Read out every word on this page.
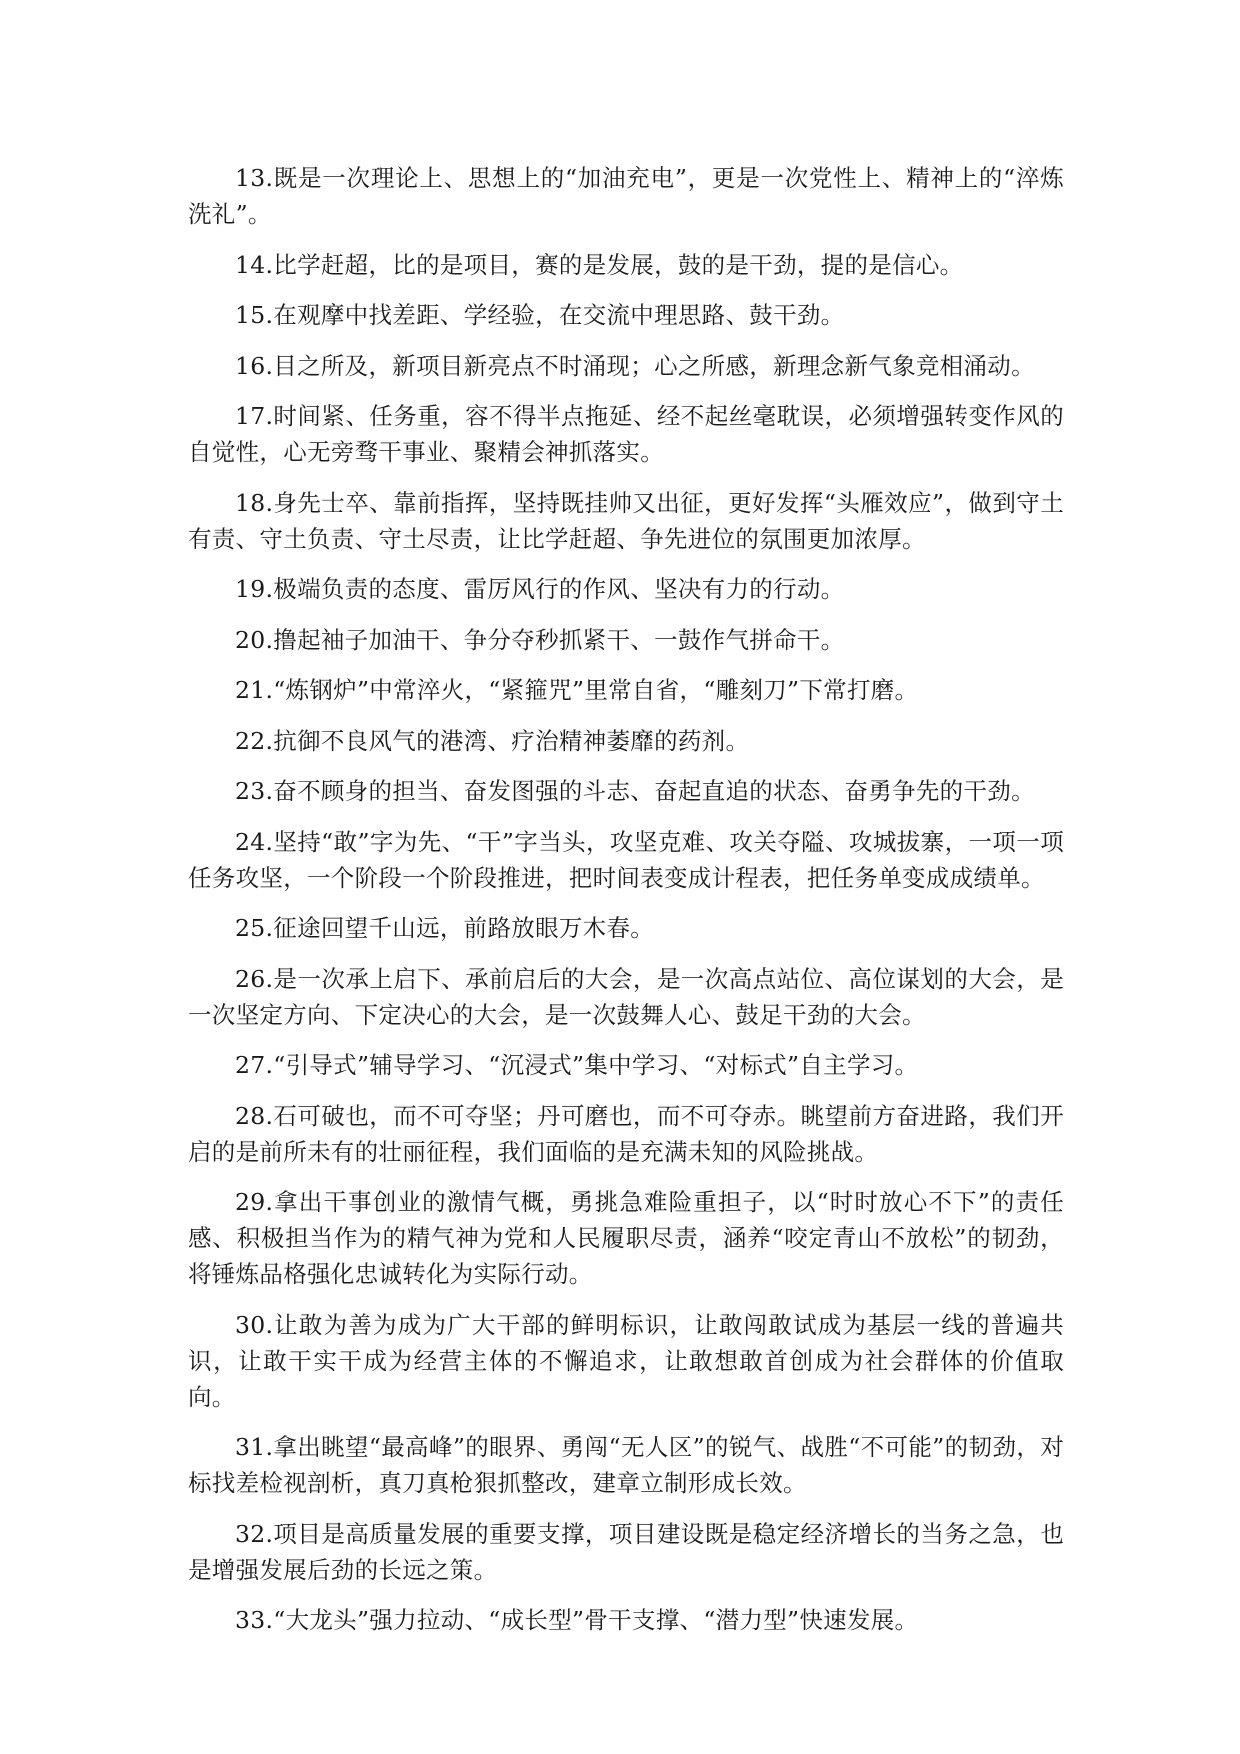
13.既是一次理论上、思想上的“加油充电”，更是一次党性上、精神上的“淬炼洗礼”。

14.比学赶超，比的是项目，赛的是发展，鼓的是干劲，提的是信心。

15.在观摩中找差距、学经验，在交流中理思路、鼓干劲。

16.目之所及，新项目新亮点不时涌现；心之所感，新理念新气象竞相涌动。

17.时间紧、任务重，容不得半点拖延、经不起丝毫耽误，必须增强转变作风的自觉性，心无旁骛干事业、聚精会神抓落实。

18.身先士卒、靠前指挥，坚持既挂帅又出征，更好发挥“头雁效应”，做到守土有责、守土负责、守土尽责，让比学赶超、争先进位的氛围更加浓厚。

19.极端负责的态度、雷厉风行的作风、坚决有力的行动。

20.撸起袖子加油干、争分夺秒抓紧干、一鼓作气拼命干。

21.“炼钢炉”中常淬火，“紧箍咒”里常自省，“雕刻刀”下常打磨。

22.抗御不良风气的港湾、疗治精神萎靡的药剂。

23.奋不顾身的担当、奋发图强的斗志、奋起直追的状态、奋勇争先的干劲。

24.坚持“敢”字为先、“干”字当头，攻坚克难、攻关夺隘、攻城拔寨，一项一项任务攻坚，一个阶段一个阶段推进，把时间表变成计程表，把任务单变成成绩单。

25.征途回望千山远，前路放眼万木春。

26.是一次承上启下、承前启后的大会，是一次高点站位、高位谋划的大会，是一次坚定方向、下定决心的大会，是一次鼓舞人心、鼓足干劲的大会。

27.“引导式”辅导学习、“沉浸式”集中学习、“对标式”自主学习。

28.石可破也，而不可夺坚；丹可磨也，而不可夺赤。眺望前方奋进路，我们开启的是前所未有的壮丽征程，我们面临的是充满未知的风险挑战。

29.拿出干事创业的激情气概，勇挑急难险重担子，以“时时放心不下”的责任感、积极担当作为的精气神为党和人民履职尽责，涵养“咬定青山不放松”的韧劲，将锤炼品格强化忠诚转化为实际行动。

30.让敢为善为成为广大干部的鲜明标识，让敢闯敢试成为基层一线的普遍共识，让敢干实干成为经营主体的不懈追求，让敢想敢首创成为社会群体的价值取向。

31.拿出眺望“最高峰”的眼界、勇闯“无人区”的锐气、战胜“不可能”的韧劲，对标找差检视剖析，真刀真枪狠抓整改，建章立制形成长效。

32.项目是高质量发展的重要支撑，项目建设既是稳定经济增长的当务之急，也是增强发展后劲的长远之策。

33.“大龙头”强力拉动、“成长型”骨干支撑、“潜力型”快速发展。
